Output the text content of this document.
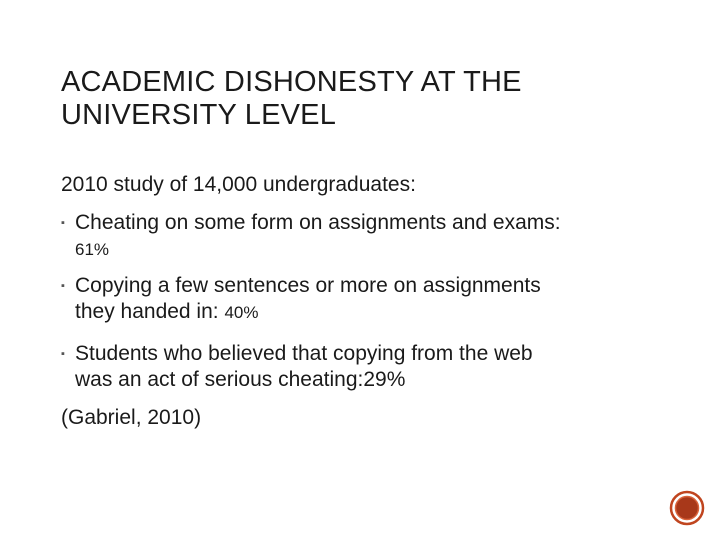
ACADEMIC DISHONESTY AT THE
UNIVERSITY LEVEL

2010 study of 14,000 undergraduates:

▪ Cheating on some form on assignments and exams:
61%
▪ Copying a few sentences or more on assignments
they handed in: 40%
▪ Students who believed that copying from the web
was an act of serious cheating:29%

(Gabriel, 2010)
